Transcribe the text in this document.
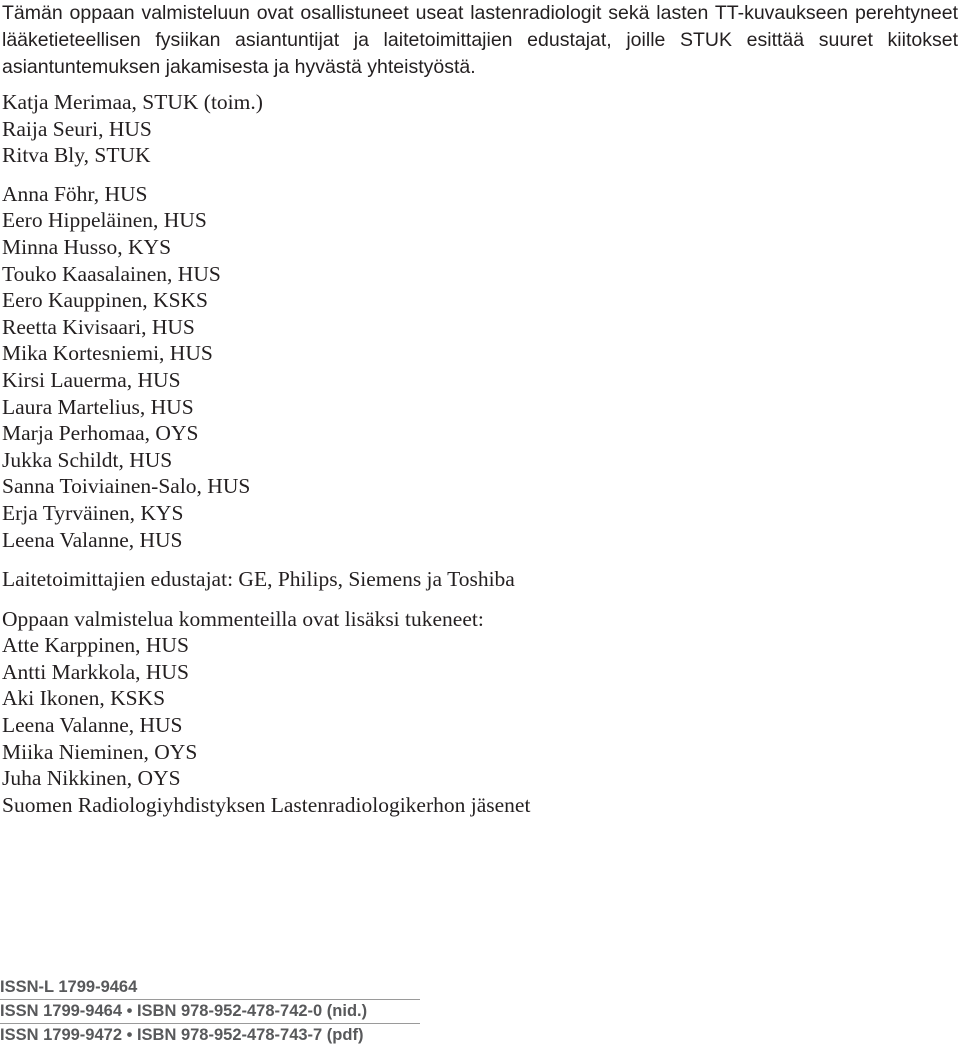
Tämän oppaan valmisteluun ovat osallistuneet useat lastenradiologit sekä lasten TT-kuvaukseen perehtyneet lääketieteellisen fysiikan asiantuntijat ja laitetoimittajien edustajat, joille STUK esittää suuret kiitokset asiantuntemuksen jakamisesta ja hyvästä yhteistyöstä.

Katja Merimaa, STUK (toim.)
Raija Seuri, HUS
Ritva Bly, STUK
Anna Föhr, HUS
Eero Hippeläinen, HUS
Minna Husso, KYS
Touko Kaasalainen, HUS
Eero Kauppinen, KSKS
Reetta Kivisaari, HUS
Mika Kortesniemi, HUS
Kirsi Lauerma, HUS
Laura Martelius, HUS
Marja Perhomaa, OYS
Jukka Schildt, HUS
Sanna Toiviainen-Salo, HUS
Erja Tyrväinen, KYS
Leena Valanne, HUS
Laitetoimittajien edustajat: GE, Philips, Siemens ja Toshiba
Oppaan valmistelua kommenteilla ovat lisäksi tukeneet:
Atte Karppinen, HUS
Antti Markkola, HUS
Aki Ikonen, KSKS
Leena Valanne, HUS
Miika Nieminen, OYS
Juha Nikkinen, OYS
Suomen Radiologiyhdistyksen Lastenradiologikerhon jäsenet
ISSN-L 1799-9464
ISSN 1799-9464 • ISBN 978-952-478-742-0 (nid.)
ISSN 1799-9472 • ISBN 978-952-478-743-7 (pdf)
